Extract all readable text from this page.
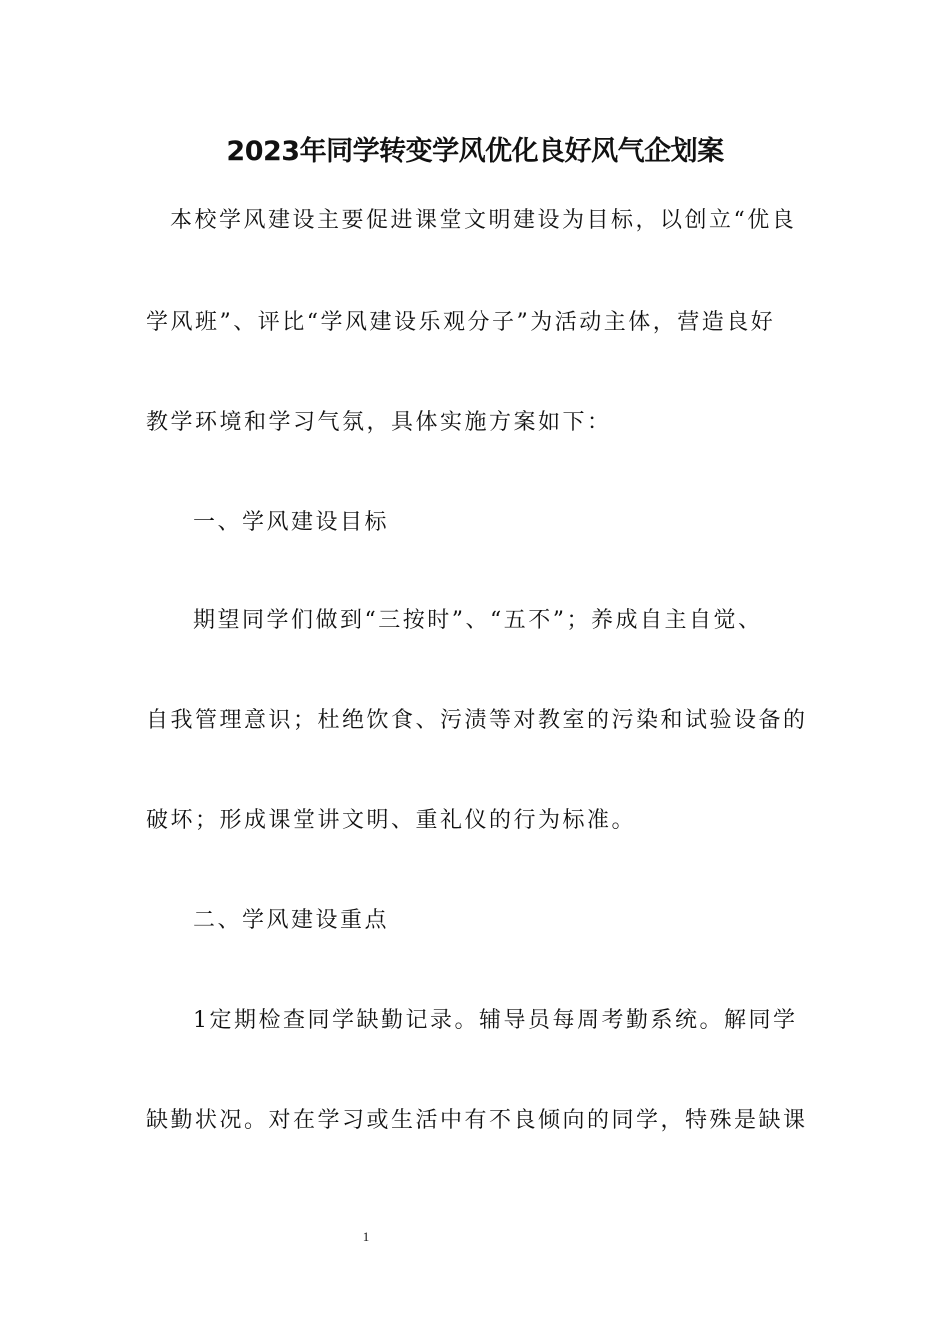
2023年同学转变学风优化良好风气企划案
本校学风建设主要促进课堂文明建设为目标，以创立“优良
学风班”、评比“学风建设乐观分子”为活动主体，营造良好
教学环境和学习气氛，具体实施方案如下：
一、学风建设目标
期望同学们做到“三按时”、“五不”；养成自主自觉、
自我管理意识；杜绝饮食、污渍等对教室的污染和试验设备的
破坏；形成课堂讲文明、重礼仪的行为标准。
二、学风建设重点
1定期检查同学缺勤记录。辅导员每周考勤系统。解同学
缺勤状况。对在学习或生活中有不良倾向的同学，特殊是缺课
1
